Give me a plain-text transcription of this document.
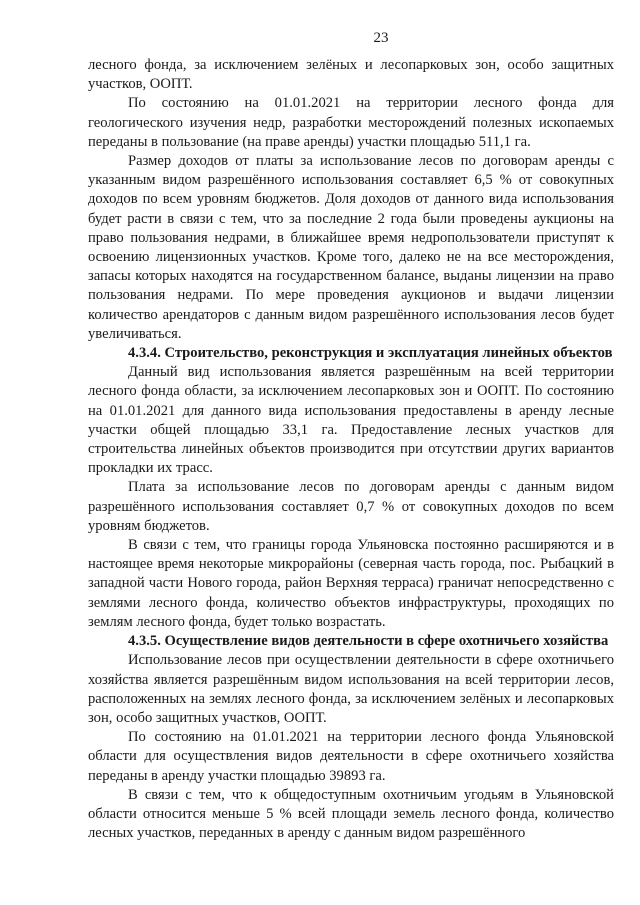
23

лесного фонда, за исключением зелёных и лесопарковых зон, особо защитных участков, ООПТ.

По состоянию на 01.01.2021 на территории лесного фонда для геологического изучения недр, разработки месторождений полезных ископаемых переданы в пользование (на праве аренды) участки площадью 511,1 га.

Размер доходов от платы за использование лесов по договорам аренды с указанным видом разрешённого использования составляет 6,5 % от совокупных доходов по всем уровням бюджетов. Доля доходов от данного вида использования будет расти в связи с тем, что за последние 2 года были проведены аукционы на право пользования недрами, в ближайшее время недропользователи приступят к освоению лицензионных участков. Кроме того, далеко не на все месторождения, запасы которых находятся на государственном балансе, выданы лицензии на право пользования недрами. По мере проведения аукционов и выдачи лицензии количество арендаторов с данным видом разрешённого использования лесов будет увеличиваться.

4.3.4. Строительство, реконструкция и эксплуатация линейных объектов

Данный вид использования является разрешённым на всей территории лесного фонда области, за исключением лесопарковых зон и ООПТ. По состоянию на 01.01.2021 для данного вида использования предоставлены в аренду лесные участки общей площадью 33,1 га. Предоставление лесных участков для строительства линейных объектов производится при отсутствии других вариантов прокладки их трасс.

Плата за использование лесов по договорам аренды с данным видом разрешённого использования составляет 0,7 % от совокупных доходов по всем уровням бюджетов.

В связи с тем, что границы города Ульяновска постоянно расширяются и в настоящее время некоторые микрорайоны (северная часть города, пос. Рыбацкий в западной части Нового города, район Верхняя терраса) граничат непосредственно с землями лесного фонда, количество объектов инфраструктуры, проходящих по землям лесного фонда, будет только возрастать.

4.3.5. Осуществление видов деятельности в сфере охотничьего хозяйства

Использование лесов при осуществлении деятельности в сфере охотничьего хозяйства является разрешённым видом использования на всей территории лесов, расположенных на землях лесного фонда, за исключением зелёных и лесопарковых зон, особо защитных участков, ООПТ.

По состоянию на 01.01.2021 на территории лесного фонда Ульяновской области для осуществления видов деятельности в сфере охотничьего хозяйства переданы в аренду участки площадью 39893 га.

В связи с тем, что к общедоступным охотничьим угодьям в Ульяновской области относится меньше 5 % всей площади земель лесного фонда, количество лесных участков, переданных в аренду с данным видом разрешённого
